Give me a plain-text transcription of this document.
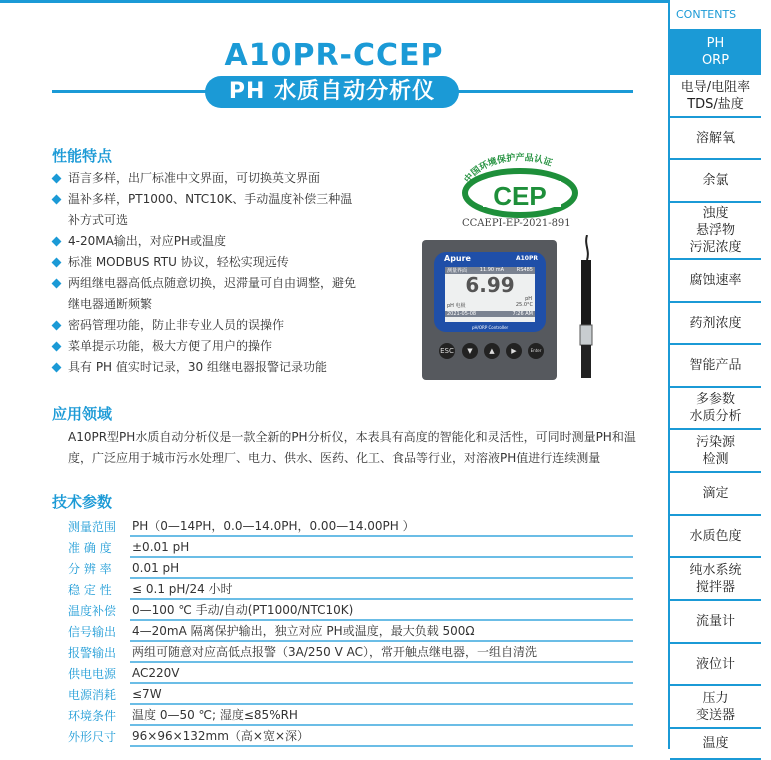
A10PR-CCEP
PH 水质自动分析仪
性能特点
语言多样，出厂标准中文界面，可切换英文界面
温补多样，PT1000、NTC10K、手动温度补偿三种温补方式可选
4-20MA输出，对应PH或温度
标准 MODBUS RTU 协议，轻松实现远传
两组继电器高低点随意切换，迟滞量可自由调整，避免继电器通断频繁
密码管理功能，防止非专业人员的误操作
菜单提示功能，极大方便了用户的操作
具有 PH 值实时记录，30 组继电器报警记录功能
中国环境保护产品认证
CEP
CCAEPI-EP-2021-891
Apure	A10PR
测量界面	11.90 mA	RS485
6.99
pH
pH 电极	25.0°C
2021-05-08	7:26 AM
pH/ORP Controller
ESC	▼	▲	▶	Enter
应用领域
A10PR型PH水质自动分析仪是一款全新的PH分析仪，本表具有高度的智能化和灵活性，可同时测量PH和温度，广泛应用于城市污水处理厂、电力、供水、医药、化工、食品等行业，对溶液PH值进行连续测量
技术参数
测量范围	PH（0—14PH，0.0—14.0PH，0.00—14.00PH ）
准 确 度	±0.01 pH
分 辨 率	0.01 pH
稳 定 性	≤ 0.1 pH/24 小时
温度补偿	0—100 ℃ 手动/自动(PT1000/NTC10K)
信号输出	4—20mA 隔离保护输出，独立对应 PH或温度，最大负载 500Ω
报警输出	两组可随意对应高低点报警（3A/250 V AC），常开触点继电器，一组自清洗
供电电源	AC220V
电源消耗	≤7W
环境条件	温度 0—50 ℃; 湿度≤85%RH
外形尺寸	96×96×132mm（高×宽×深）
CONTENTS
PH
ORP
电导/电阻率
TDS/盐度
溶解氧
余氯
浊度
悬浮物
污泥浓度
腐蚀速率
药剂浓度
智能产品
多参数
水质分析
污染源
检测
滴定
水质色度
纯水系统
搅拌器
流量计
液位计
压力
变送器
温度
